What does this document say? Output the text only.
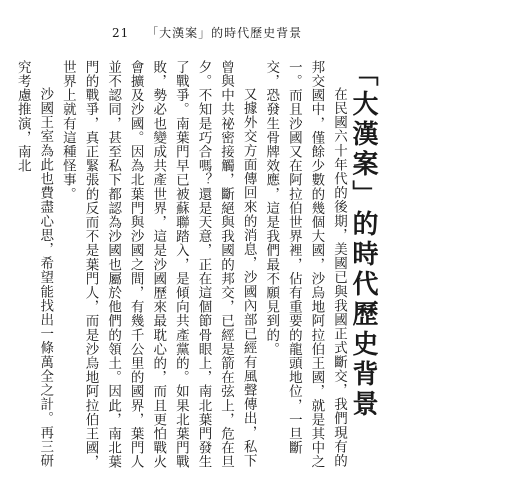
21 「大漢案」的時代歷史背景
「大漢案」的時代歷史背景

在民國六十年代的後期，美國已與我國正式斷交，我們現有的邦交國中，僅餘少數的幾個大國，沙烏地阿拉伯王國，就是其中之一。而且沙國又在阿拉伯世界裡，佔有重要的龍頭地位，一旦斷交，恐發生骨牌效應，這是我們最不願見到的。

又據外交方面傳回來的消息，沙國內部已經有風聲傳出，私下曾與中共祕密接觸，斷絕與我國的邦交，已經是箭在弦上，危在旦夕。不知是巧合嗎？還是天意，正在這個節骨眼上，南北葉門發生了戰爭。南葉門早已被蘇聯踏入，是傾向共產黨的。如果北葉門戰敗，勢必也變成共產世界，這是沙國歷來最耽心的，而且更怕戰火會擴及沙國。因為北葉門與沙國之間，有幾千公里的國界，葉門人並不認同，甚至私下都認為沙國也屬於他們的領土。因此，南北葉門的戰爭，真正緊張的反而不是葉門人，而是沙烏地阿拉伯王國，世界上就有這種怪事。

沙國王室為此也費盡心思，希望能找出一條萬全之計。再三研究考慮推演，南北
